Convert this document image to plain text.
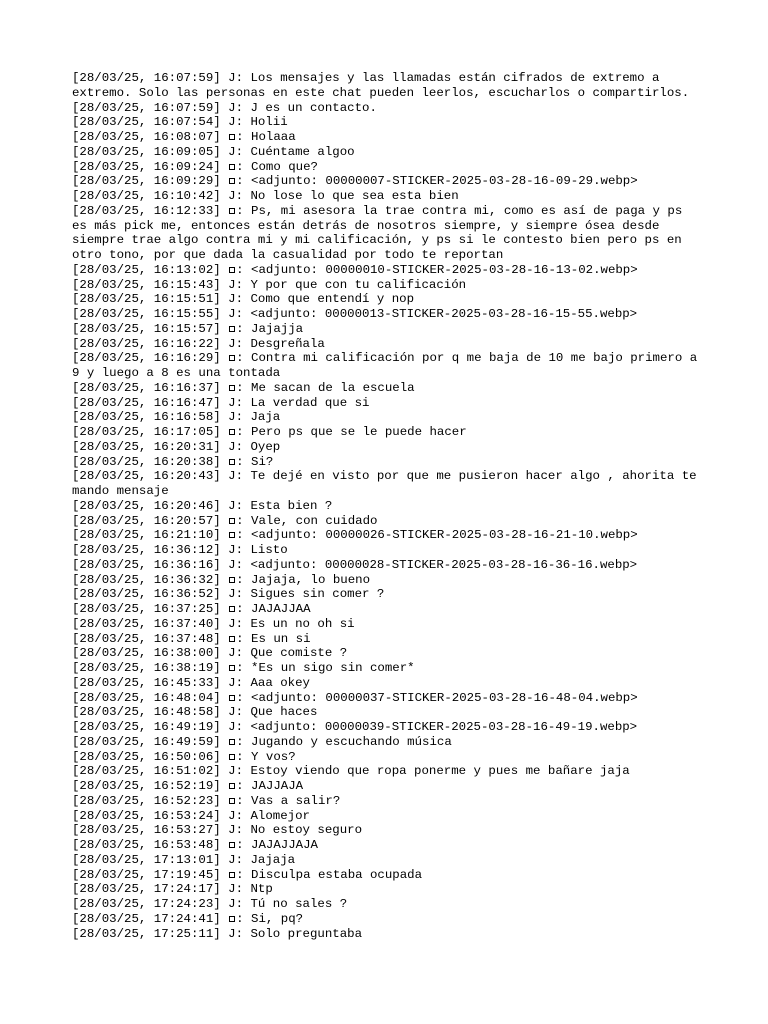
[28/03/25, 16:07:59] J: Los mensajes y las llamadas están cifrados de extremo a extremo. Solo las personas en este chat pueden leerlos, escucharlos o compartirlos.
[28/03/25, 16:07:59] J: J es un contacto.
[28/03/25, 16:07:54] J: Holii
[28/03/25, 16:08:07] : Holaaa
[28/03/25, 16:09:05] J: Cuéntame algoo
[28/03/25, 16:09:24] : Como que?
[28/03/25, 16:09:29] : <adjunto: 00000007-STICKER-2025-03-28-16-09-29.webp>
[28/03/25, 16:10:42] J: No lose lo que sea esta bien
[28/03/25, 16:12:33] : Ps, mi asesora la trae contra mi, como es así de paga y ps es más pick me, entonces están detrás de nosotros siempre, y siempre ósea desde siempre trae algo contra mi y mi calificación, y ps si le contesto bien pero ps en otro tono, por que dada la casualidad por todo te reportan
[28/03/25, 16:13:02] : <adjunto: 00000010-STICKER-2025-03-28-16-13-02.webp>
[28/03/25, 16:15:43] J: Y por que con tu calificación
[28/03/25, 16:15:51] J: Como que entendí y nop
[28/03/25, 16:15:55] J: <adjunto: 00000013-STICKER-2025-03-28-16-15-55.webp>
[28/03/25, 16:15:57] : Jajajja
[28/03/25, 16:16:22] J: Desgreñala
[28/03/25, 16:16:29] : Contra mi calificación por q me baja de 10 me bajo primero a 9 y luego a 8 es una tontada
[28/03/25, 16:16:37] : Me sacan de la escuela
[28/03/25, 16:16:47] J: La verdad que si
[28/03/25, 16:16:58] J: Jaja
[28/03/25, 16:17:05] : Pero ps que se le puede hacer
[28/03/25, 16:20:31] J: Oyep
[28/03/25, 16:20:38] : Si?
[28/03/25, 16:20:43] J: Te dejé en visto por que me pusieron hacer algo , ahorita te mando mensaje
[28/03/25, 16:20:46] J: Esta bien ?
[28/03/25, 16:20:57] : Vale, con cuidado
[28/03/25, 16:21:10] : <adjunto: 00000026-STICKER-2025-03-28-16-21-10.webp>
[28/03/25, 16:36:12] J: Listo
[28/03/25, 16:36:16] J: <adjunto: 00000028-STICKER-2025-03-28-16-36-16.webp>
[28/03/25, 16:36:32] : Jajaja, lo bueno
[28/03/25, 16:36:52] J: Sigues sin comer ?
[28/03/25, 16:37:25] : JAJAJJAA
[28/03/25, 16:37:40] J: Es un no oh si
[28/03/25, 16:37:48] : Es un si
[28/03/25, 16:38:00] J: Que comiste ?
[28/03/25, 16:38:19] : *Es un sigo sin comer*
[28/03/25, 16:45:33] J: Aaa okey
[28/03/25, 16:48:04] : <adjunto: 00000037-STICKER-2025-03-28-16-48-04.webp>
[28/03/25, 16:48:58] J: Que haces
[28/03/25, 16:49:19] J: <adjunto: 00000039-STICKER-2025-03-28-16-49-19.webp>
[28/03/25, 16:49:59] : Jugando y escuchando música
[28/03/25, 16:50:06] : Y vos?
[28/03/25, 16:51:02] J: Estoy viendo que ropa ponerme y pues me bañare jaja
[28/03/25, 16:52:19] : JAJJAJA
[28/03/25, 16:52:23] : Vas a salir?
[28/03/25, 16:53:24] J: Alomejor
[28/03/25, 16:53:27] J: No estoy seguro
[28/03/25, 16:53:48] : JAJAJJAJA
[28/03/25, 17:13:01] J: Jajaja
[28/03/25, 17:19:45] : Disculpa estaba ocupada
[28/03/25, 17:24:17] J: Ntp
[28/03/25, 17:24:23] J: Tú no sales ?
[28/03/25, 17:24:41] : Si, pq?
[28/03/25, 17:25:11] J: Solo preguntaba
